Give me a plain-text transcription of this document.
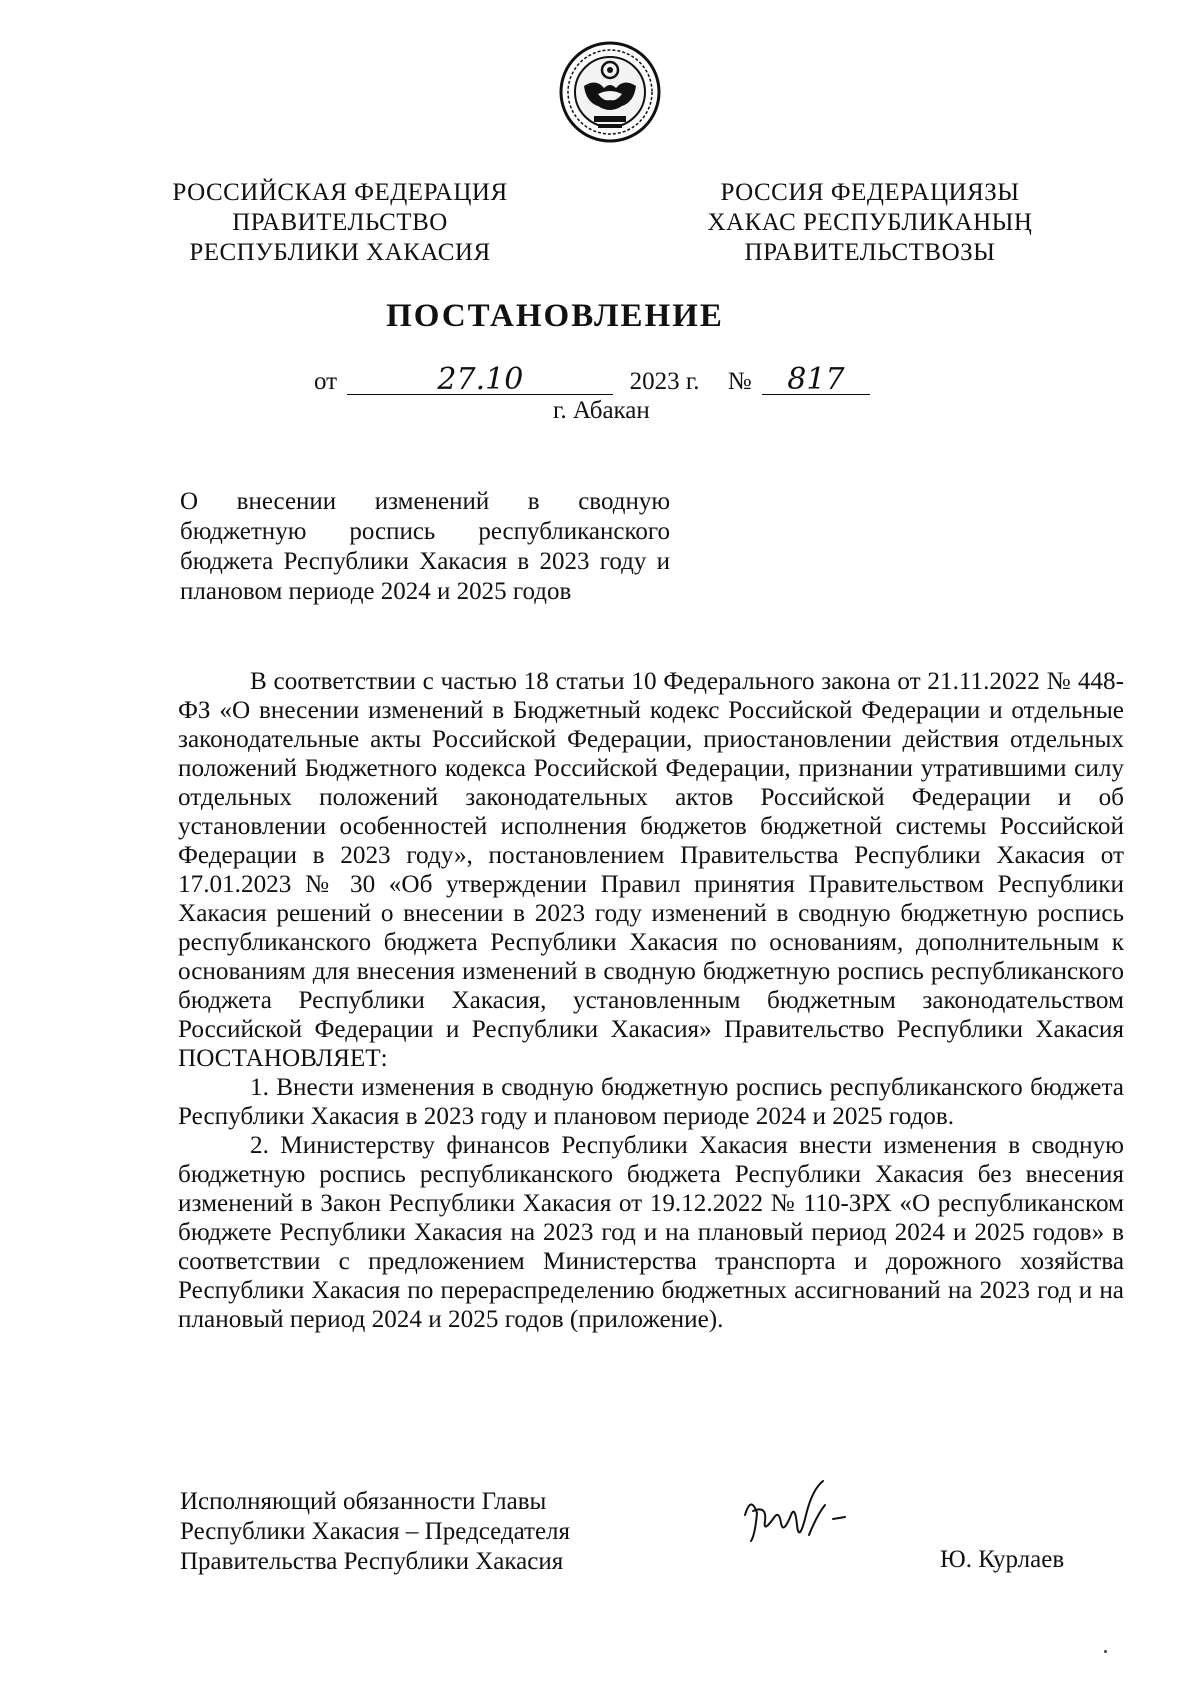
РОССИЙСКАЯ ФЕДЕРАЦИЯ
ПРАВИТЕЛЬСТВО
РЕСПУБЛИКИ ХАКАСИЯ
РОССИЯ ФЕДЕРАЦИЯЗЫ
ХАКАС РЕСПУБЛИКАНЫҢ
ПРАВИТЕЛЬСТВОЗЫ
ПОСТАНОВЛЕНИЕ
от	27.10	2023 г. № 817
г. Абакан
О внесении изменений в сводную бюджетную роспись республиканского бюджета Республики Хакасия в 2023 году и плановом периоде 2024 и 2025 годов

В соответствии с частью 18 статьи 10 Федерального закона от 21.11.2022 № 448-ФЗ «О внесении изменений в Бюджетный кодекс Российской Федерации и отдельные законодательные акты Российской Федерации, приостановлении действия отдельных положений Бюджетного кодекса Российской Федерации, признании утратившими силу отдельных положений законодательных актов Российской Федерации и об установлении особенностей исполнения бюджетов бюджетной системы Российской Федерации в 2023 году», постановлением Правительства Республики Хакасия от 17.01.2023 № 30 «Об утверждении Правил принятия Правительством Республики Хакасия решений о внесении в 2023 году изменений в сводную бюджетную роспись республиканского бюджета Республики Хакасия по основаниям, дополнительным к основаниям для внесения изменений в сводную бюджетную роспись республиканского бюджета Республики Хакасия, установленным бюджетным законодательством Российской Федерации и Республики Хакасия» Правительство Республики Хакасия ПОСТАНОВЛЯЕТ:

1. Внести изменения в сводную бюджетную роспись республиканского бюджета Республики Хакасия в 2023 году и плановом периоде 2024 и 2025 годов.

2. Министерству финансов Республики Хакасия внести изменения в сводную бюджетную роспись республиканского бюджета Республики Хакасия без внесения изменений в Закон Республики Хакасия от 19.12.2022 № 110-ЗРХ «О республиканском бюджете Республики Хакасия на 2023 год и на плановый период 2024 и 2025 годов» в соответствии с предложением Министерства транспорта и дорожного хозяйства Республики Хакасия по перераспределению бюджетных ассигнований на 2023 год и на плановый период 2024 и 2025 годов (приложение).

Исполняющий обязанности Главы
Республики Хакасия – Председателя
Правительства Республики Хакасия	Ю. Курлаев
